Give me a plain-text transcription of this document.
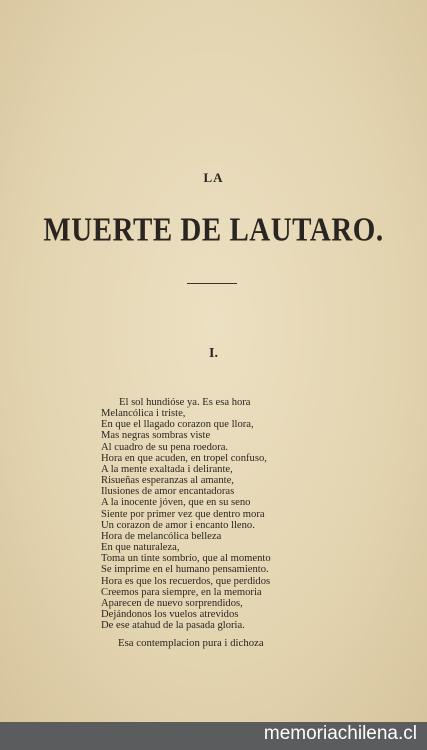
LA
MUERTE DE LAUTARO.
I.
El sol hundióse ya. Es esa hora
Melancólica i triste,
En que el llagado corazon que llora,
Mas negras sombras viste
Al cuadro de su pena roedora.
Hora en que acuden, en tropel confuso,
A la mente exaltada i delirante,
Risueñas esperanzas al amante,
Ilusiones de amor encantadoras
A la inocente jóven, que en su seno
Siente por primer vez que dentro mora
Un corazon de amor i encanto lleno.
Hora de melancólica belleza
En que naturaleza,
Toma un tinte sombrío, que al momento
Se imprime en el humano pensamiento.
Hora es que los recuerdos, que perdidos
Creemos para siempre, en la memoria
Aparecen de nuevo sorprendidos,
Dejándonos los vuelos atrevidos
De ese atahud de la pasada gloria.
Esa contemplacion pura i dichoza
memoriachilena.cl
